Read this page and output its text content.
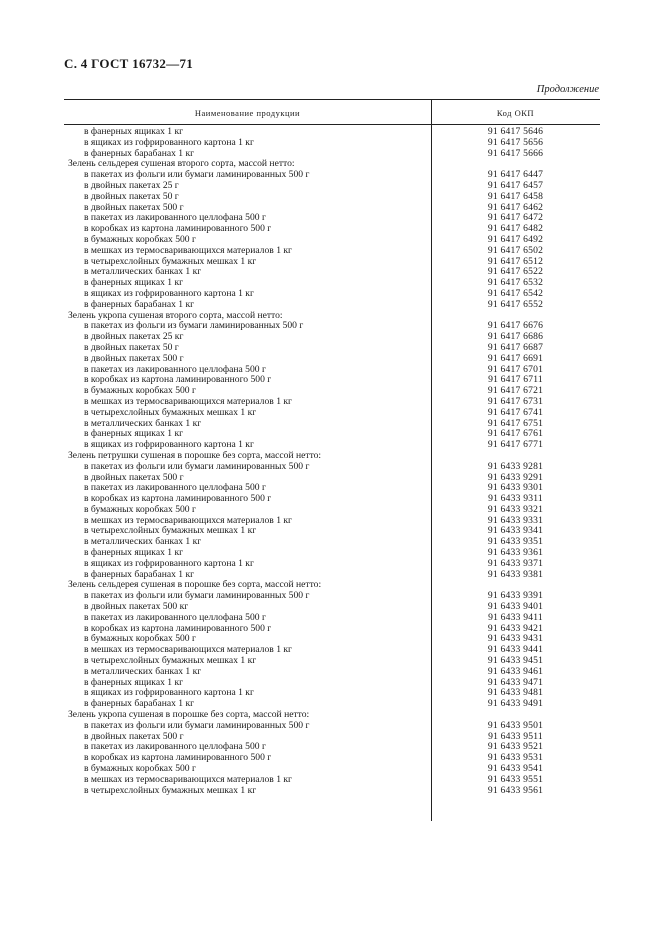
С. 4 ГОСТ 16732—71
Продолжение
Наименование продукции	Код ОКП
в фанерных ящиках 1 кг	91 6417 5646
в ящиках из гофрированного картона 1 кг	91 6417 5656
в фанерных барабанах 1 кг	91 6417 5666
Зелень сельдерея сушеная второго сорта, массой нетто:
в пакетах из фольги или бумаги ламинированных 500 г	91 6417 6447
в двойных пакетах 25 г	91 6417 6457
в двойных пакетах 50 г	91 6417 6458
в двойных пакетах 500 г	91 6417 6462
в пакетах из лакированного целлофана 500 г	91 6417 6472
в коробках из картона ламинированного 500 г	91 6417 6482
в бумажных коробках 500 г	91 6417 6492
в мешках из термосваривающихся материалов 1 кг	91 6417 6502
в четырехслойных бумажных мешках 1 кг	91 6417 6512
в металлических банках 1 кг	91 6417 6522
в фанерных ящиках 1 кг	91 6417 6532
в ящиках из гофрированного картона 1 кг	91 6417 6542
в фанерных барабанах 1 кг	91 6417 6552
Зелень укропа сушеная второго сорта, массой нетто:
в пакетах из фольги из бумаги ламинированных 500 г	91 6417 6676
в двойных пакетах 25 кг	91 6417 6686
в двойных пакетах 50 г	91 6417 6687
в двойных пакетах 500 г	91 6417 6691
в пакетах из лакированного целлофана 500 г	91 6417 6701
в коробках из картона ламинированного 500 г	91 6417 6711
в бумажных коробках 500 г	91 6417 6721
в мешках из термосваривающихся материалов 1 кг	91 6417 6731
в четырехслойных бумажных мешках 1 кг	91 6417 6741
в металлических банках 1 кг	91 6417 6751
в фанерных ящиках 1 кг	91 6417 6761
в ящиках из гофрированного картона 1 кг	91 6417 6771
Зелень петрушки сушеная в порошке без сорта, массой нетто:
в пакетах из фольги или бумаги ламинированных 500 г	91 6433 9281
в двойных пакетах 500 г	91 6433 9291
в пакетах из лакированного целлофана 500 г	91 6433 9301
в коробках из картона ламинированного 500 г	91 6433 9311
в бумажных коробках 500 г	91 6433 9321
в мешках из термосваривающихся материалов 1 кг	91 6433 9331
в четырехслойных бумажных мешках 1 кг	91 6433 9341
в металлических банках 1 кг	91 6433 9351
в фанерных ящиках 1 кг	91 6433 9361
в ящиках из гофрированного картона 1 кг	91 6433 9371
в фанерных барабанах 1 кг	91 6433 9381
Зелень сельдерея сушеная в порошке без сорта, массой нетто:
в пакетах из фольги или бумаги ламинированных 500 г	91 6433 9391
в двойных пакетах 500 кг	91 6433 9401
в пакетах из лакированного целлофана 500 г	91 6433 9411
в коробках из картона ламинированного 500 г	91 6433 9421
в бумажных коробках 500 г	91 6433 9431
в мешках из термосваривающихся материалов 1 кг	91 6433 9441
в четырехслойных бумажных мешках 1 кг	91 6433 9451
в металлических банках 1 кг	91 6433 9461
в фанерных ящиках 1 кг	91 6433 9471
в ящиках из гофрированного картона 1 кг	91 6433 9481
в фанерных барабанах 1 кг	91 6433 9491
Зелень укропа сушеная в порошке без сорта, массой нетто:
в пакетах из фольги или бумаги ламинированных 500 г	91 6433 9501
в двойных пакетах 500 г	91 6433 9511
в пакетах из лакированного целлофана 500 г	91 6433 9521
в коробках из картона ламинированного 500 г	91 6433 9531
в бумажных коробках 500 г	91 6433 9541
в мешках из термосваривающихся материалов 1 кг	91 6433 9551
в четырехслойных бумажных мешках 1 кг	91 6433 9561
